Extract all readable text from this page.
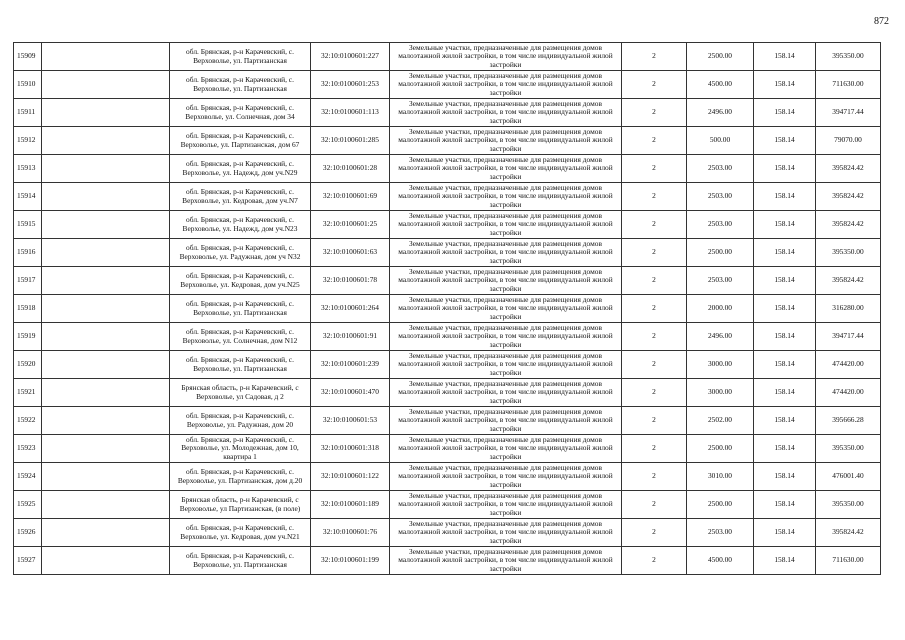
872
15909		обл. Брянская, р-н Карачевский, с. Верховолье, ул. Партизанская	32:10:0100601:227	Земельные участки, предназначенные для размещения домов малоэтажной жилой застройки, в том числе индивидуальной жилой застройки	2	2500.00	158.14	395350.00
15910		обл. Брянская, р-н Карачевский, с. Верховолье, ул. Партизанская	32:10:0100601:253	Земельные участки, предназначенные для размещения домов малоэтажной жилой застройки, в том числе индивидуальной жилой застройки	2	4500.00	158.14	711630.00
15911		обл. Брянская, р-н Карачевский, с. Верховолье, ул. Солнечная, дом 34	32:10:0100601:113	Земельные участки, предназначенные для размещения домов малоэтажной жилой застройки, в том числе индивидуальной жилой застройки	2	2496.00	158.14	394717.44
15912		обл. Брянская, р-н Карачевский, с. Верховолье, ул. Партизанская, дом 67	32:10:0100601:285	Земельные участки, предназначенные для размещения домов малоэтажной жилой застройки, в том числе индивидуальной жилой застройки	2	500.00	158.14	79070.00
15913		обл. Брянская, р-н Карачевский, с. Верховолье, ул. Надежд, дом уч.N29	32:10:0100601:28	Земельные участки, предназначенные для размещения домов малоэтажной жилой застройки, в том числе индивидуальной жилой застройки	2	2503.00	158.14	395824.42
15914		обл. Брянская, р-н Карачевский, с. Верховолье, ул. Кедровая, дом уч.N7	32:10:0100601:69	Земельные участки, предназначенные для размещения домов малоэтажной жилой застройки, в том числе индивидуальной жилой застройки	2	2503.00	158.14	395824.42
15915		обл. Брянская, р-н Карачевский, с. Верховолье, ул. Надежд, дом уч.N23	32:10:0100601:25	Земельные участки, предназначенные для размещения домов малоэтажной жилой застройки, в том числе индивидуальной жилой застройки	2	2503.00	158.14	395824.42
15916		обл. Брянская, р-н Карачевский, с. Верховолье, ул. Радужная, дом уч N32	32:10:0100601:63	Земельные участки, предназначенные для размещения домов малоэтажной жилой застройки, в том числе индивидуальной жилой застройки	2	2500.00	158.14	395350.00
15917		обл. Брянская, р-н Карачевский, с. Верховолье, ул. Кедровая, дом уч.N25	32:10:0100601:78	Земельные участки, предназначенные для размещения домов малоэтажной жилой застройки, в том числе индивидуальной жилой застройки	2	2503.00	158.14	395824.42
15918		обл. Брянская, р-н Карачевский, с. Верховолье, ул. Партизанская	32:10:0100601:264	Земельные участки, предназначенные для размещения домов малоэтажной жилой застройки, в том числе индивидуальной жилой застройки	2	2000.00	158.14	316280.00
15919		обл. Брянская, р-н Карачевский, с. Верховолье, ул. Солнечная, дом N12	32:10:0100601:91	Земельные участки, предназначенные для размещения домов малоэтажной жилой застройки, в том числе индивидуальной жилой застройки	2	2496.00	158.14	394717.44
15920		обл. Брянская, р-н Карачевский, с. Верховолье, ул. Партизанская	32:10:0100601:239	Земельные участки, предназначенные для размещения домов малоэтажной жилой застройки, в том числе индивидуальной жилой застройки	2	3000.00	158.14	474420.00
15921		Брянская область, р-н Карачевский, с Верховолье, ул Садовая, д 2	32:10:0100601:470	Земельные участки, предназначенные для размещения домов малоэтажной жилой застройки, в том числе индивидуальной жилой застройки	2	3000.00	158.14	474420.00
15922		обл. Брянская, р-н Карачевский, с. Верховолье, ул. Радужная, дом 20	32:10:0100601:53	Земельные участки, предназначенные для размещения домов малоэтажной жилой застройки, в том числе индивидуальной жилой застройки	2	2502.00	158.14	395666.28
15923		обл. Брянская, р-н Карачевский, с. Верховолье, ул. Молодежная, дом 10, квартира 1	32:10:0100601:318	Земельные участки, предназначенные для размещения домов малоэтажной жилой застройки, в том числе индивидуальной жилой застройки	2	2500.00	158.14	395350.00
15924		обл. Брянская, р-н Карачевский, с. Верховолье, ул. Партизанская, дом д.20	32:10:0100601:122	Земельные участки, предназначенные для размещения домов малоэтажной жилой застройки, в том числе индивидуальной жилой застройки	2	3010.00	158.14	476001.40
15925		Брянская область, р-н Карачевский, с Верховолье, ул Партизанская, (в поле)	32:10:0100601:189	Земельные участки, предназначенные для размещения домов малоэтажной жилой застройки, в том числе индивидуальной жилой застройки	2	2500.00	158.14	395350.00
15926		обл. Брянская, р-н Карачевский, с. Верховолье, ул. Кедровая, дом уч.N21	32:10:0100601:76	Земельные участки, предназначенные для размещения домов малоэтажной жилой застройки, в том числе индивидуальной жилой застройки	2	2503.00	158.14	395824.42
15927		обл. Брянская, р-н Карачевский, с. Верховолье, ул. Партизанская	32:10:0100601:199	Земельные участки, предназначенные для размещения домов малоэтажной жилой застройки, в том числе индивидуальной жилой застройки	2	4500.00	158.14	711630.00
